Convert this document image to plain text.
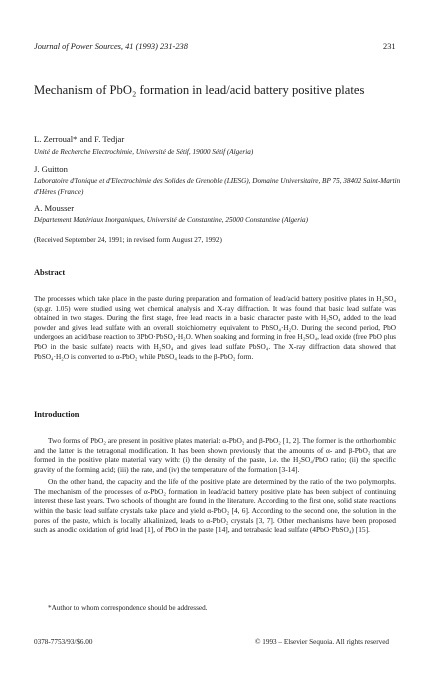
Journal of Power Sources, 41 (1993) 231-238	231
Mechanism of PbO₂ formation in lead/acid battery positive plates
L. Zerroual* and F. Tedjar
Unité de Recherche Electrochimie, Université de Sétif, 19000 Sétif (Algeria)
J. Guitton
Laboratoire d'Ionique et d'Electrochimie des Solides de Grenoble (LIESG), Domaine Universitaire, BP 75, 38402 Saint-Martin d'Hères (France)
A. Mousser
Département Matériaux Inorganiques, Université de Constantine, 25000 Constantine (Algeria)
(Received September 24, 1991; in revised form August 27, 1992)
Abstract
The processes which take place in the paste during preparation and formation of lead/acid battery positive plates in H₂SO₄ (sp.gr. 1.05) were studied using wet chemical analysis and X-ray diffraction. It was found that basic lead sulfate was obtained in two stages. During the first stage, free lead reacts in a basic character paste with H₂SO₄ added to the lead powder and gives lead sulfate with an overall stoichiometry equivalent to PbSO₄·H₂O. During the second period, PbO undergoes an acid/base reaction to 3PbO·PbSO₄·H₂O. When soaking and forming in free H₂SO₄, lead oxide (free PbO plus PbO in the basic sulfate) reacts with H₂SO₄ and gives lead sulfate PbSO₄. The X-ray diffraction data showed that PbSO₄·H₂O is converted to α-PbO₂ while PbSO₄ leads to the β-PbO₂ form.
Introduction

Two forms of PbO₂ are present in positive plates material: α-PbO₂ and β-PbO₂ [1, 2]. The former is the orthorhombic and the latter is the tetragonal modification. It has been shown previously that the amounts of α- and β-PbO₂ that are formed in the positive plate material vary with: (i) the density of the paste, i.e. the H₂SO₄/PbO ratio; (ii) the specific gravity of the forming acid; (iii) the rate, and (iv) the temperature of the formation [3-14].

On the other hand, the capacity and the life of the positive plate are determined by the ratio of the two polymorphs. The mechanism of the processes of α-PbO₂ formation in lead/acid battery positive plate has been subject of continuing interest these last years. Two schools of thought are found in the literature. According to the first one, solid state reactions within the basic lead sulfate crystals take place and yield α-PbO₂ [4, 6]. According to the second one, the solution in the pores of the paste, which is locally alkalinized, leads to α-PbO₂ crystals [3, 7]. Other mechanisms have been proposed such as anodic oxidation of grid lead [1], of PbO in the paste [14], and tetrabasic lead sulfate (4PbO·PbSO₄) [15].

*Author to whom correspondence should be addressed.
0378-7753/93/$6.00	© 1993 – Elsevier Sequoia. All rights reserved
